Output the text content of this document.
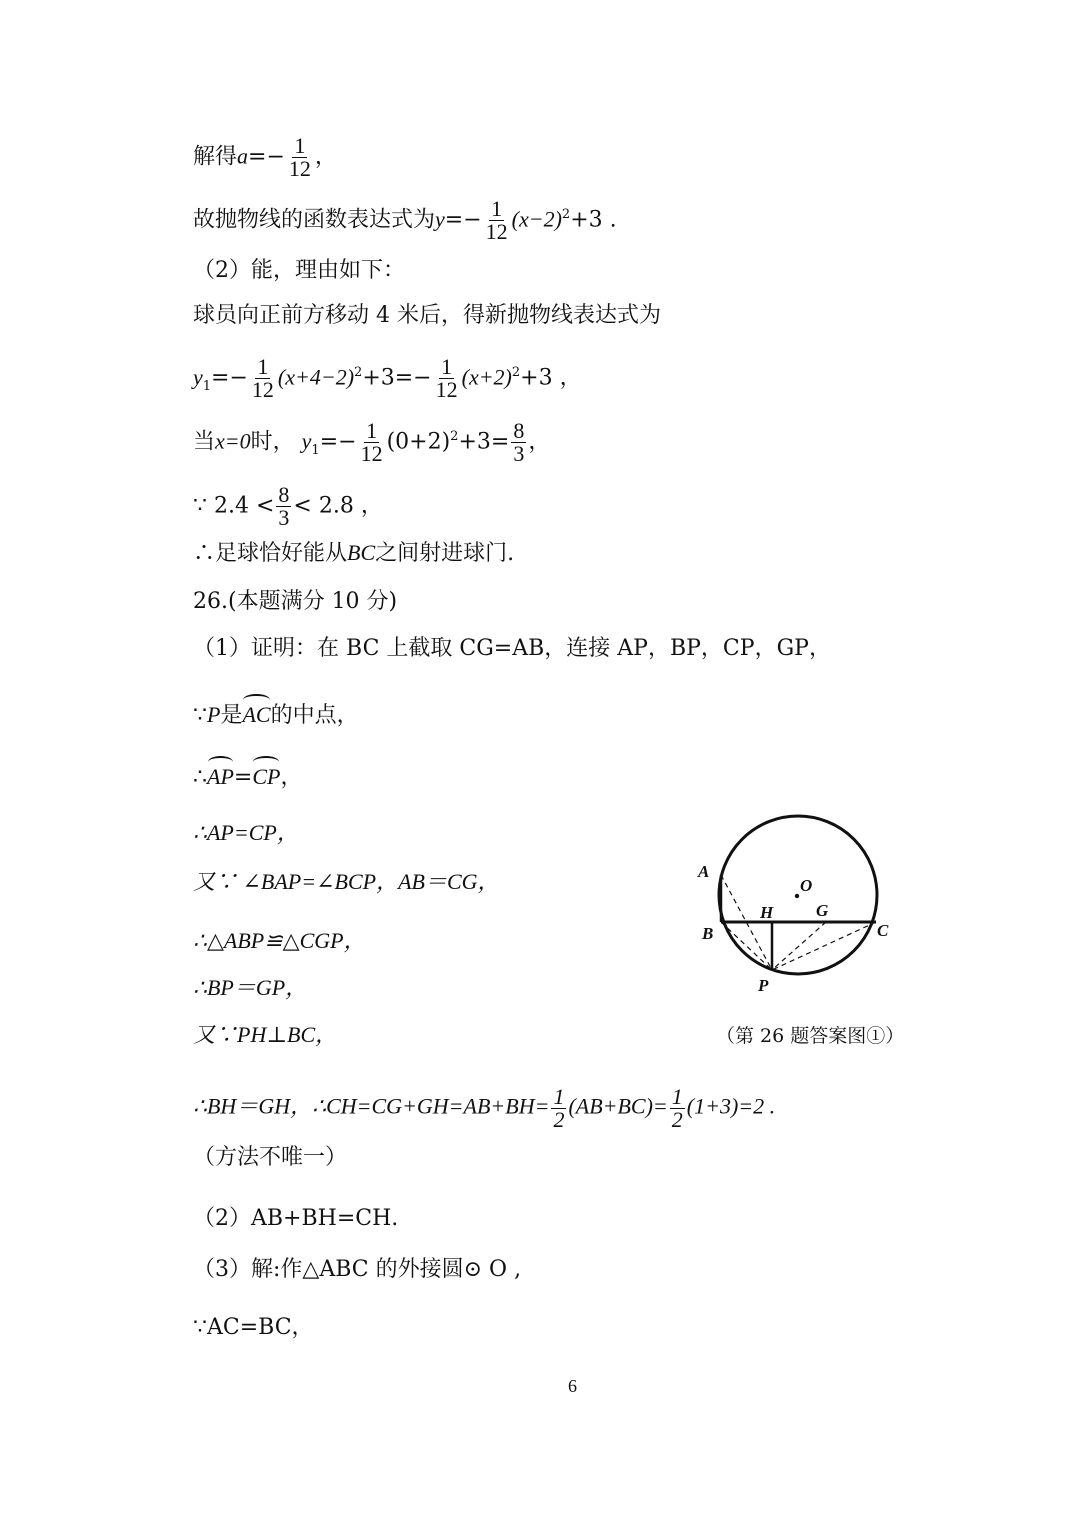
解得$a=- \frac{1}{12}$ ，
故抛物线的函数表达式为$y=- \frac{1}{12} (x-2)^2+3$ .
（2）能，理由如下：
球员向正前方移动 4 米后，得新抛物线表达式为
$y_1=- \frac{1}{12} (x+4-2)^2+3=- \frac{1}{12} (x+2)^2+3$ ，
当x=0时， $y_1=- \frac{1}{12} (0+2)^2+3= \frac{8}{3}$ ，
∵ $2.4 < \frac{8}{3} < 2.8$ ，
∴足球恰好能从BC之间射进球门.
26.(本题满分 10 分)
（1）证明：在 BC 上截取 CG=AB，连接 AP，BP，CP，GP，
∵P是AC的中点，
∴AP=CP，
∴AP=CP，
又∵ ∠BAP=∠BCP，AB＝CG，
∴△ABP≌△CGP，
∴BP＝GP，
又∵PH⊥BC，
∴BH＝GH，∴CH=CG+GH=AB+BH= $\frac{1}{2} (AB+BC)= \frac{1}{2} (1+3)=2$ .
（方法不唯一）
（2）AB+BH=CH.
（3）解:作△ABC 的外接圆⊙ O ,
∵AC=BC，
A
B	C
P
H	G
O
（第 26 题答案图①）
6
